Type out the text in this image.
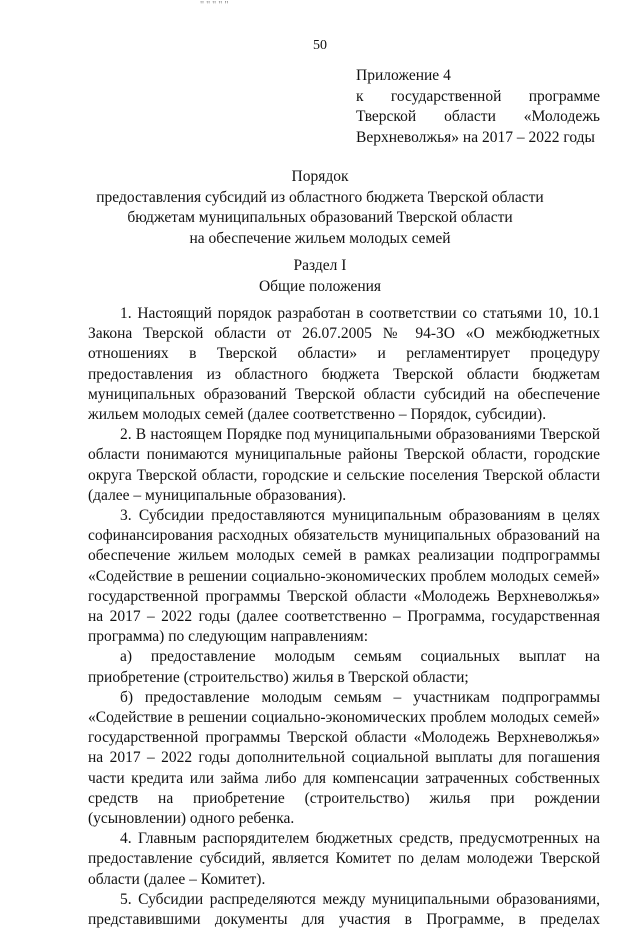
"""""
50
Приложение 4
к государственной программе
Тверской области «Молодежь
Верхневолжья» на 2017 – 2022 годы
Порядок
предоставления субсидий из областного бюджета Тверской области
бюджетам муниципальных образований Тверской области
на обеспечение жильем молодых семей
Раздел I
Общие положения

1. Настоящий порядок разработан в соответствии со статьями 10, 10.1 Закона Тверской области от 26.07.2005 № 94-ЗО «О межбюджетных отношениях в Тверской области» и регламентирует процедуру предоставления из областного бюджета Тверской области бюджетам муниципальных образований Тверской области субсидий на обеспечение жильем молодых семей (далее соответственно – Порядок, субсидии).

2. В настоящем Порядке под муниципальными образованиями Тверской области понимаются муниципальные районы Тверской области, городские округа Тверской области, городские и сельские поселения Тверской области (далее – муниципальные образования).

3. Субсидии предоставляются муниципальным образованиям в целях софинансирования расходных обязательств муниципальных образований на обеспечение жильем молодых семей в рамках реализации подпрограммы «Содействие в решении социально-экономических проблем молодых семей» государственной программы Тверской области «Молодежь Верхневолжья» на 2017 – 2022 годы (далее соответственно – Программа, государственная программа) по следующим направлениям:

а) предоставление молодым семьям социальных выплат на приобретение (строительство) жилья в Тверской области;

б) предоставление молодым семьям – участникам подпрограммы «Содействие в решении социально-экономических проблем молодых семей» государственной программы Тверской области «Молодежь Верхневолжья» на 2017 – 2022 годы дополнительной социальной выплаты для погашения части кредита или займа либо для компенсации затраченных собственных средств на приобретение (строительство) жилья при рождении (усыновлении) одного ребенка.

4. Главным распорядителем бюджетных средств, предусмотренных на предоставление субсидий, является Комитет по делам молодежи Тверской области (далее – Комитет).

5. Субсидии распределяются между муниципальными образованиями, представившими документы для участия в Программе, в пределах
